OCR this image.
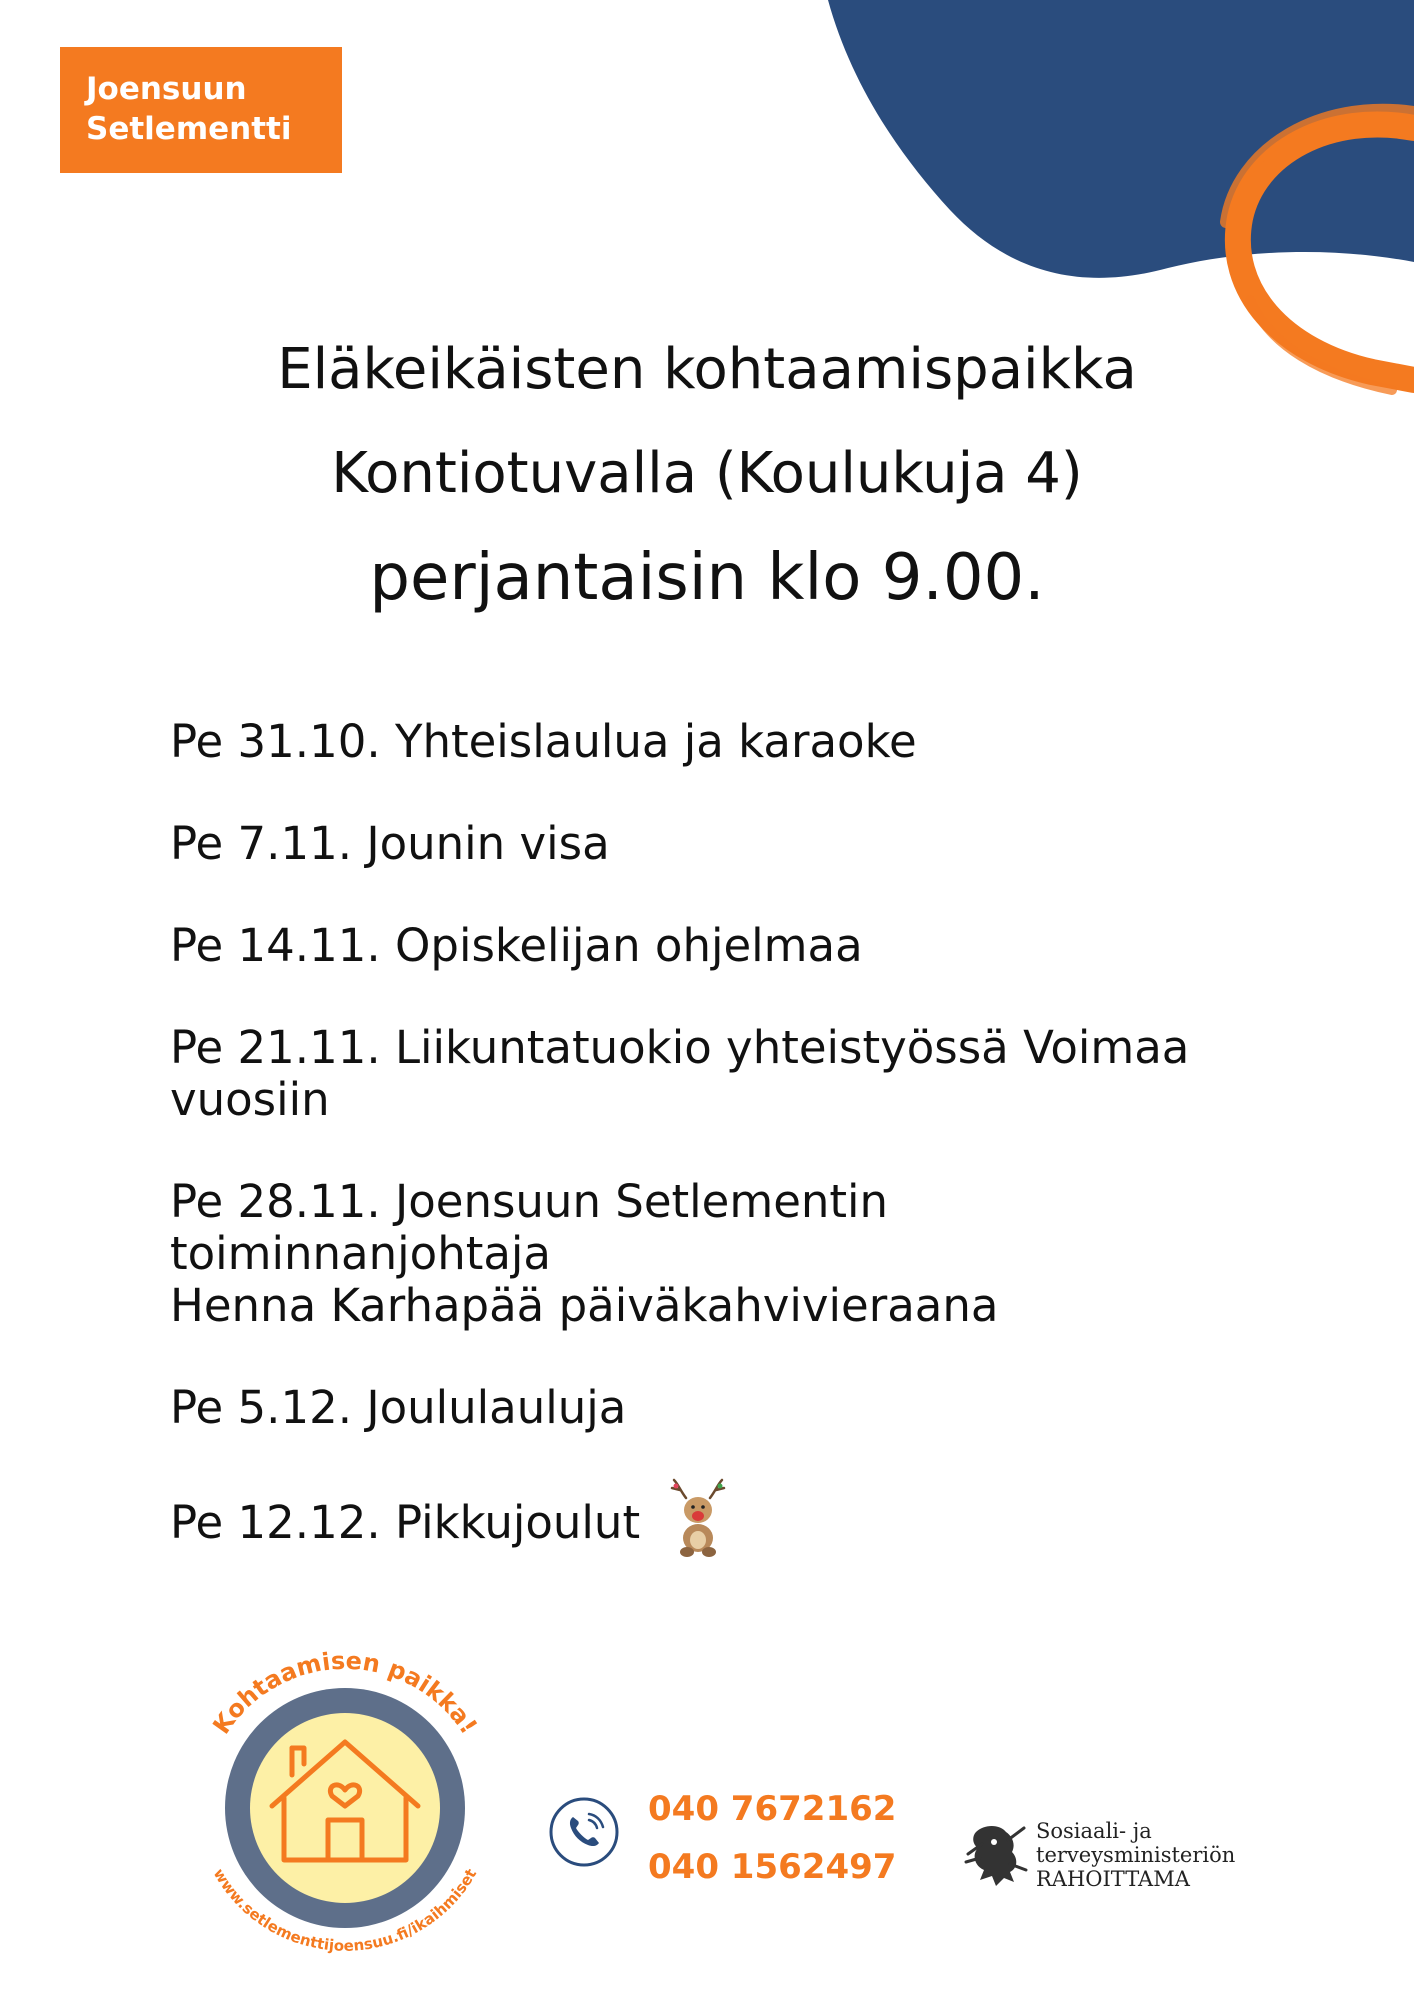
Joensuun
Setlementti
Eläkeikäisten kohtaamispaikka
Kontiotuvalla (Koulukuja 4)
perjantaisin klo 9.00.
Pe 31.10. Yhteislaulua ja karaoke
Pe 7.11. Jounin visa
Pe 14.11. Opiskelijan ohjelmaa
Pe 21.11. Liikuntatuokio yhteistyössä Voimaa
vuosiin
Pe 28.11. Joensuun Setlementin
toiminnanjohtaja
Henna Karhapää päiväkahvivieraana
Pe 5.12. Joululauluja
Pe 12.12. Pikkujoulut
Kohtaamisen paikka!
www.setlementtijoensuu.fi/ikaihmiset
040 7672162
040 1562497
Sosiaali- ja
terveysministeriön
RAHOITTAMA
